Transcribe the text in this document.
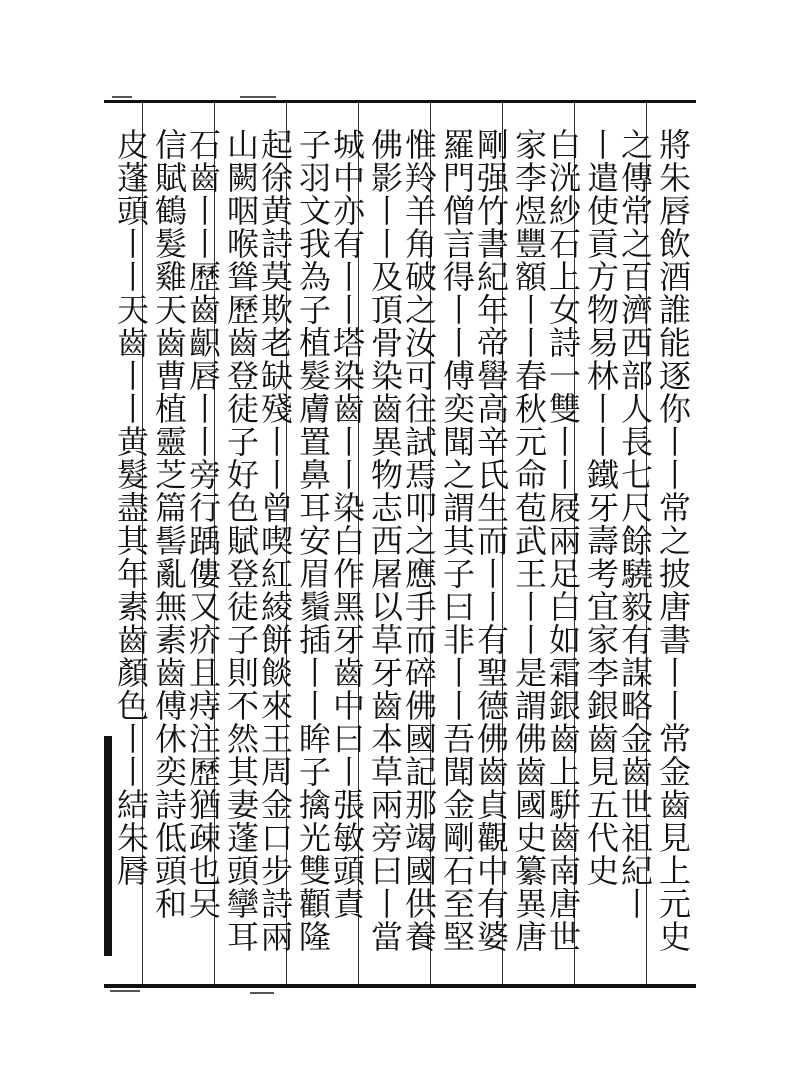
將朱唇飲酒誰能逐你丨丨常之披唐書丨丨常金齒見上元史
之傳常之百濟西部人長七尺餘驍毅有謀略金齒世祖紀丨
丨遣使貢方物易林丨丨鐵牙壽考宜家李銀齒見五代史
白洸紗石上女詩一雙丨丨屐兩足白如霜銀齒上騈齒南唐世
家李煜豐額丨丨春秋元命苞武王丨丨是謂佛齒國史纂異唐
剛强竹書紀年帝嚳高辛氏生而丨丨有聖德佛齒貞觀中有婆
羅門僧言得丨丨傅奕聞之謂其子曰非丨丨吾聞金剛石至堅
惟羚羊角破之汝可往試焉叩之應手而碎佛國記那竭國供養
佛影丨丨及頂骨染齒異物志西屠以草牙齒本草兩旁曰丨當
城中亦有丨丨塔染齒丨丨染白作黑牙齒中曰丨張敏頭責
子羽文我為子植髮膚置鼻耳安眉鬚插丨丨眸子擒光雙顴隆
起徐黄詩莫欺老缺殘丨丨曾喫紅綾餅餤來王周金口步詩兩
山闕咽喉聳歷齒登徒子好色賦登徒子則不然其妻蓬頭攣耳
石齒丨丨歷齒齞唇丨丨旁行踽僂又疥且痔注歷猶疎也㕦
信賦鶴髮雞天齒曹植靈芝篇髻亂無素齒傅休奕詩低頭和
皮蓬頭丨丨天齒丨丨黄髮盡其年素齒顏色丨丨結朱脣
